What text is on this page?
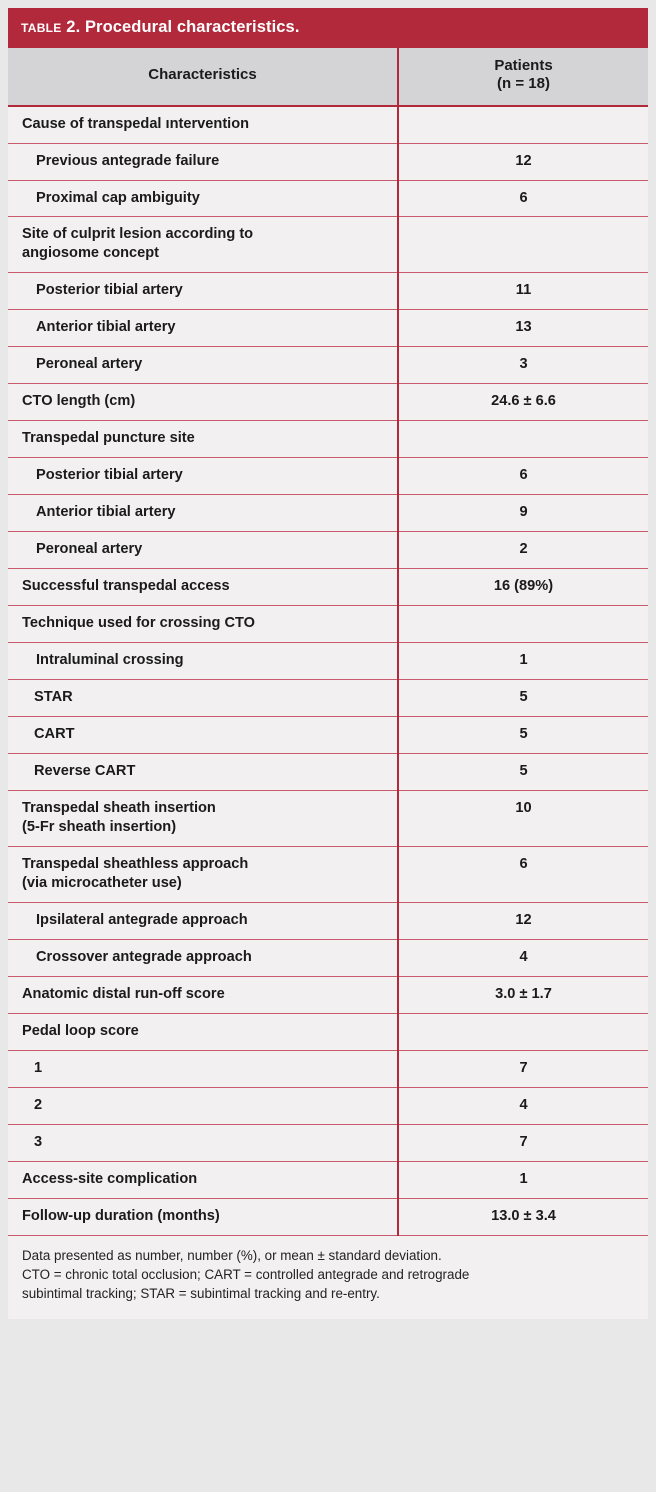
table 2. Procedural characteristics.
Characteristics	Patients
(n = 18)

Cause of transpedal ıntervention	
Previous antegrade failure	12
Proximal cap ambiguity	6
Site of culprit lesion according to
angiosome concept	

Posterior tibial artery	11
Anterior tibial artery	13
Peroneal artery	3
CTO length (cm)	24.6 ± 6.6
Transpedal puncture site	
Posterior tibial artery	6
Anterior tibial artery	9
Peroneal artery	2
Successful transpedal access	16 (89%)
Technique used for crossing CTO	
Intraluminal crossing	1
STAR	5
CART	5
Reverse CART	5
Transpedal sheath insertion
(5-Fr sheath insertion)	10
Transpedal sheathless approach
(via microcatheter use)	6
Ipsilateral antegrade approach	12
Crossover antegrade approach	4
Anatomic distal run-off score	3.0 ± 1.7
Pedal loop score	
1	7
2	4
3	7
Access-site complication	1
Follow-up duration (months)	13.0 ± 3.4

Data presented as number, number (%), or mean ± standard deviation.

CTO = chronic total occlusion; CART = controlled antegrade and retrograde

subintimal tracking; STAR = subintimal tracking and re-entry.
